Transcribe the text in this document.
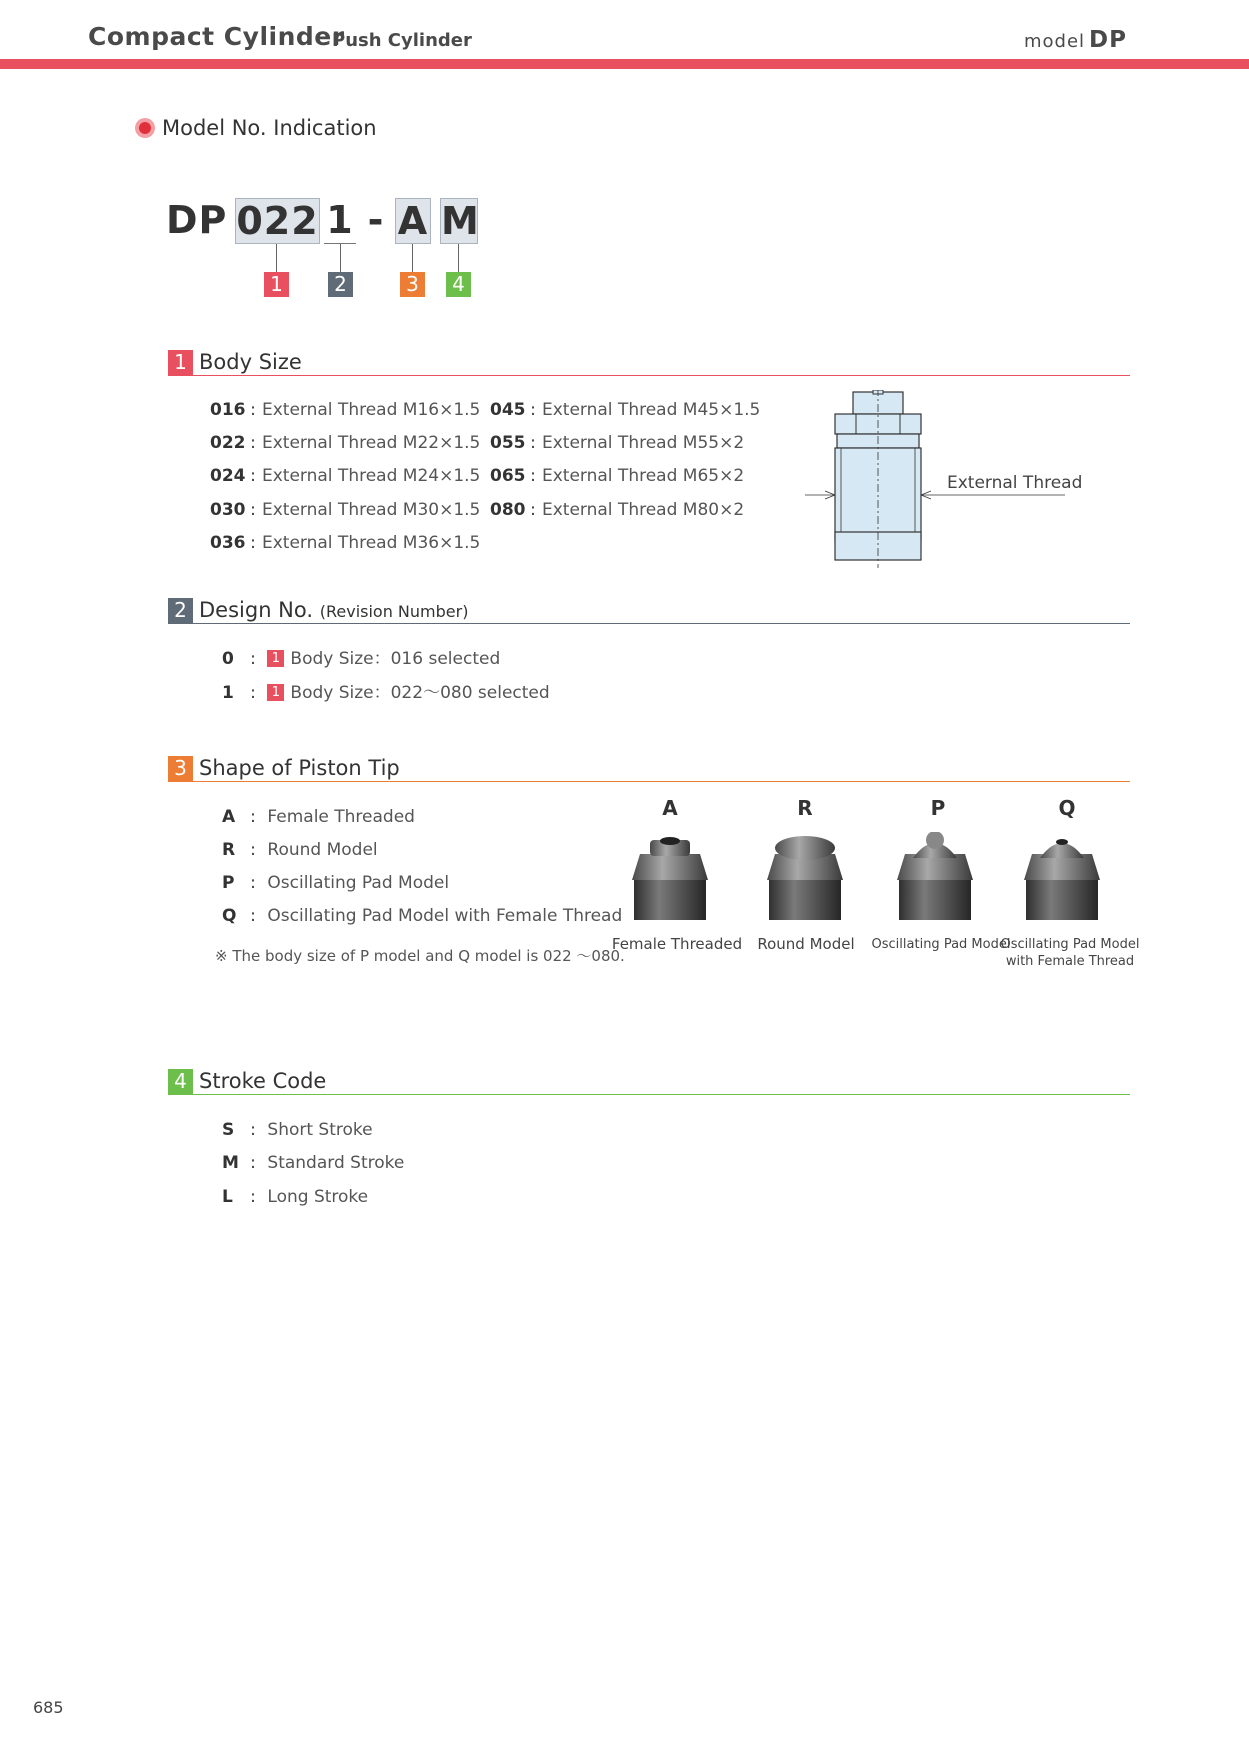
Compact Cylinder
Push Cylinder	model DP
Model No. Indication
DP 022 1 - A M
1	2	3	4
1 Body Size
016 : External Thread M16×1.5
022 : External Thread M22×1.5
024 : External Thread M24×1.5
030 : External Thread M30×1.5
036 : External Thread M36×1.5
045 : External Thread M45×1.5
055 : External Thread M55×2
065 : External Thread M65×2
080 : External Thread M80×2
External Thread
2 Design No. (Revision Number)
0 : 1 Body Size：016 selected
1 : 1 Body Size：022～080 selected
3 Shape of Piston Tip
A : Female Threaded
R : Round Model
P : Oscillating Pad Model
Q : Oscillating Pad Model with Female Thread
※ The body size of P model and Q model is 022 ～080.
A	R	P	Q
Female Threaded	Round Model	Oscillating Pad Model
Oscillating Pad Model
with Female Thread
4 Stroke Code
S : Short Stroke
M : Standard Stroke
L : Long Stroke
685
